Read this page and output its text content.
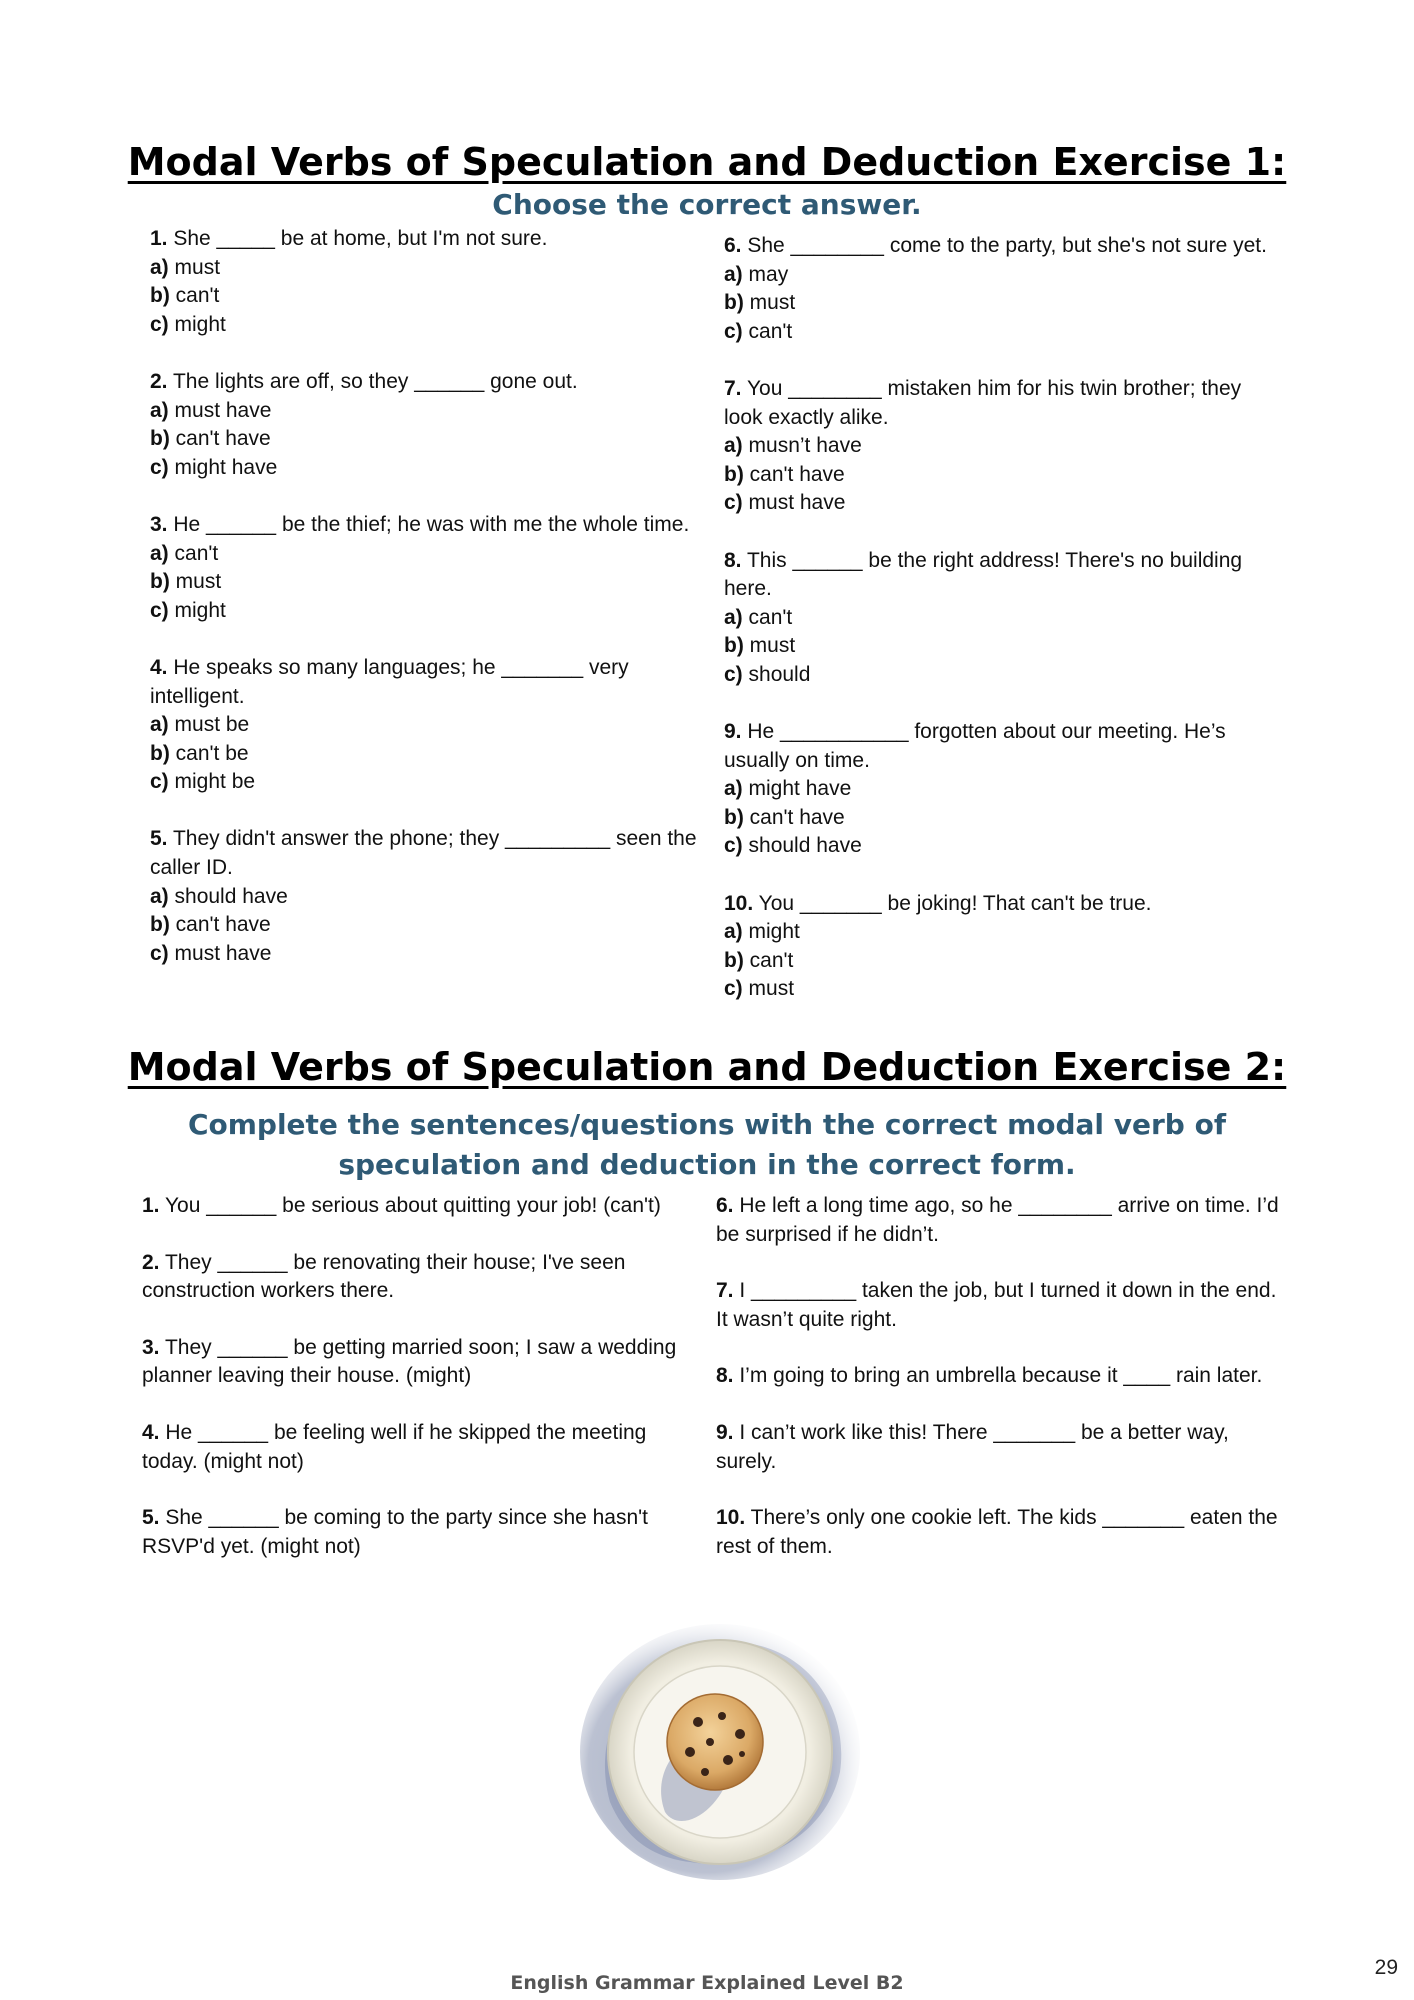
Modal Verbs of Speculation and Deduction Exercise 1:
Choose the correct answer.

1. She _____ be at home, but I'm not sure.

a) must

b) can't

c) might

2. The lights are off, so they ______ gone out.

a) must have

b) can't have

c) might have

3. He ______ be the thief; he was with me the whole time.

a) can't

b) must

c) might

4. He speaks so many languages; he _______ very intelligent.

a) must be

b) can't be

c) might be

5. They didn't answer the phone; they _________ seen the caller ID.

a) should have

b) can't have

c) must have

6. She ________ come to the party, but she's not sure yet.

a) may

b) must

c) can't

7. You ________ mistaken him for his twin brother; they look exactly alike.

a) musn’t have

b) can't have

c) must have

8. This ______ be the right address! There's no building here.

a) can't

b) must

c) should

9. He ___________ forgotten about our meeting. He’s usually on time.

a) might have

b) can't have

c) should have

10. You _______ be joking! That can't be true.

a) might

b) can't

c) must

Modal Verbs of Speculation and Deduction Exercise 2:
Complete the sentences/questions with the correct modal verb of speculation and deduction in the correct form.

1. You ______ be serious about quitting your job! (can't)

2. They ______ be renovating their house; I've seen construction workers there.

3. They ______ be getting married soon; I saw a wedding planner leaving their house. (might)

4. He ______ be feeling well if he skipped the meeting today. (might not)

5. She ______ be coming to the party since she hasn't RSVP'd yet. (might not)

6. He left a long time ago, so he ________ arrive on time. I’d be surprised if he didn’t.

7. I _________ taken the job, but I turned it down in the end. It wasn’t quite right.

8. I’m going to bring an umbrella because it ____ rain later.

9. I can’t work like this! There _______ be a better way, surely.

10. There’s only one cookie left. The kids _______ eaten the rest of them.

English Grammar Explained Level B2
29
